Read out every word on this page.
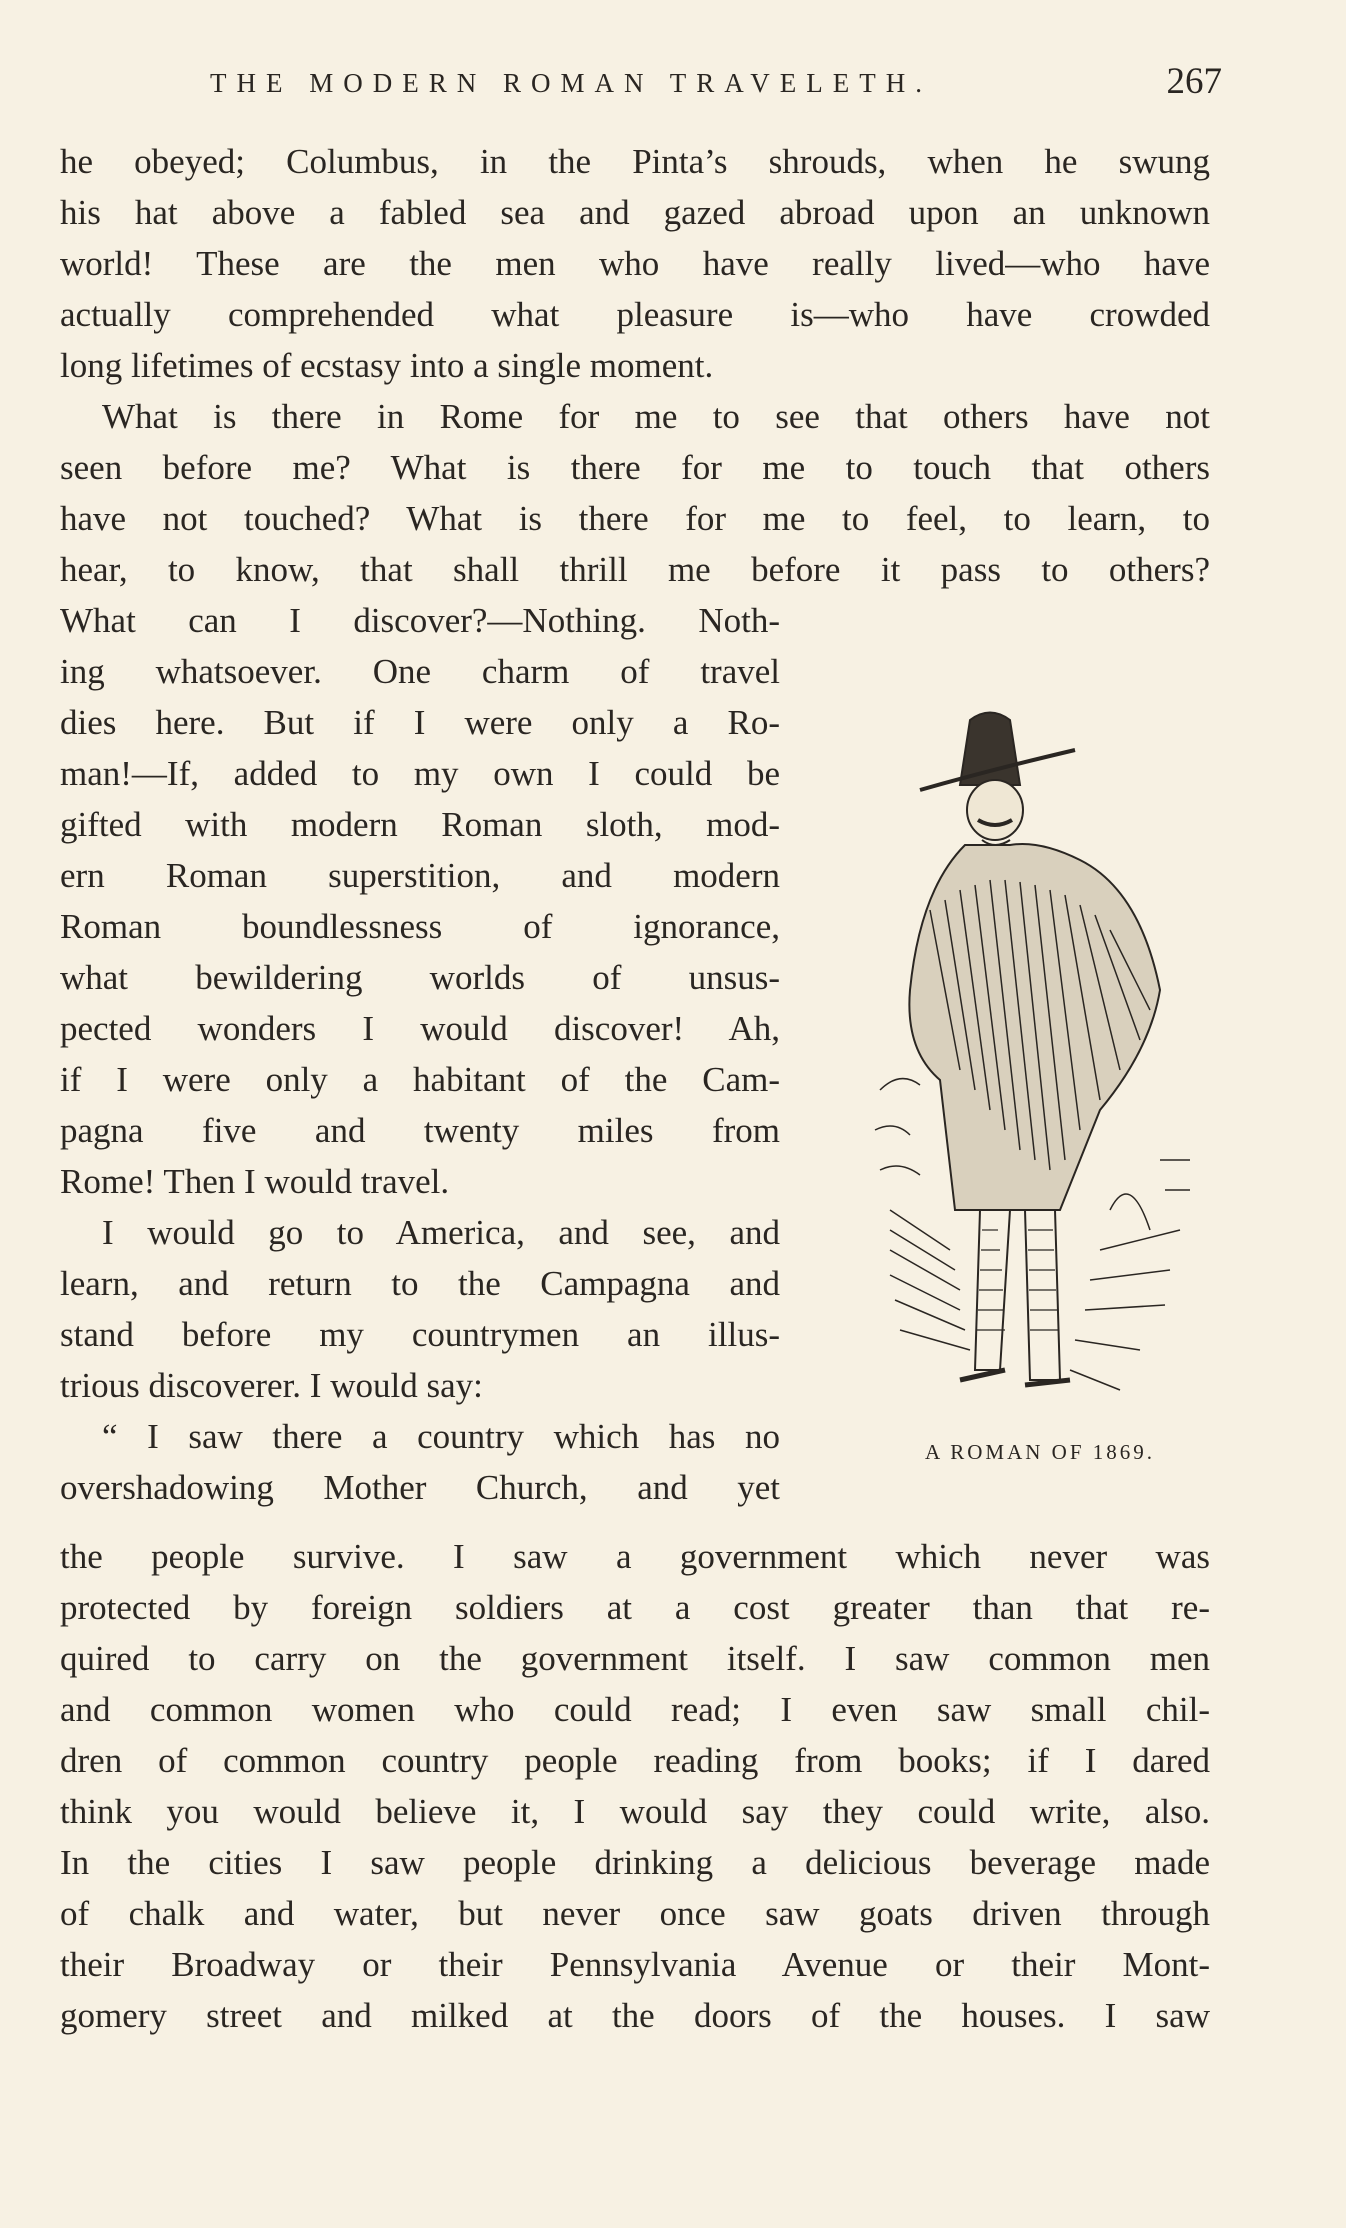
THE MODERN ROMAN TRAVELETH.	267
he obeyed; Columbus, in the Pinta’s shrouds, when he swung
his hat above a fabled sea and gazed abroad upon an unknown
world! These are the men who have really lived—who have
actually comprehended what pleasure is—who have crowded
long lifetimes of ecstasy into a single moment.
What is there in Rome for me to see that others have not
seen before me? What is there for me to touch that others
have not touched? What is there for me to feel, to learn, to
hear, to know, that shall thrill me before it pass to others?
What can I discover?—Nothing. Noth-
ing whatsoever. One charm of travel
dies here. But if I were only a Ro-
man!—If, added to my own I could be
gifted with modern Roman sloth, mod-
ern Roman superstition, and modern
Roman boundlessness of ignorance,
what bewildering worlds of unsus-
pected wonders I would discover! Ah,
if I were only a habitant of the Cam-
pagna five and twenty miles from
Rome! Then I would travel.
I would go to America, and see, and
learn, and return to the Campagna and
stand before my countrymen an illus-
trious discoverer. I would say:
“ I saw there a country which has no
overshadowing Mother Church, and yet
the people survive. I saw a government which never was
protected by foreign soldiers at a cost greater than that re-
quired to carry on the government itself. I saw common men
and common women who could read; I even saw small chil-
dren of common country people reading from books; if I dared
think you would believe it, I would say they could write, also.
In the cities I saw people drinking a delicious beverage made
of chalk and water, but never once saw goats driven through
their Broadway or their Pennsylvania Avenue or their Mont-
gomery street and milked at the doors of the houses. I saw
A ROMAN OF 1869.
